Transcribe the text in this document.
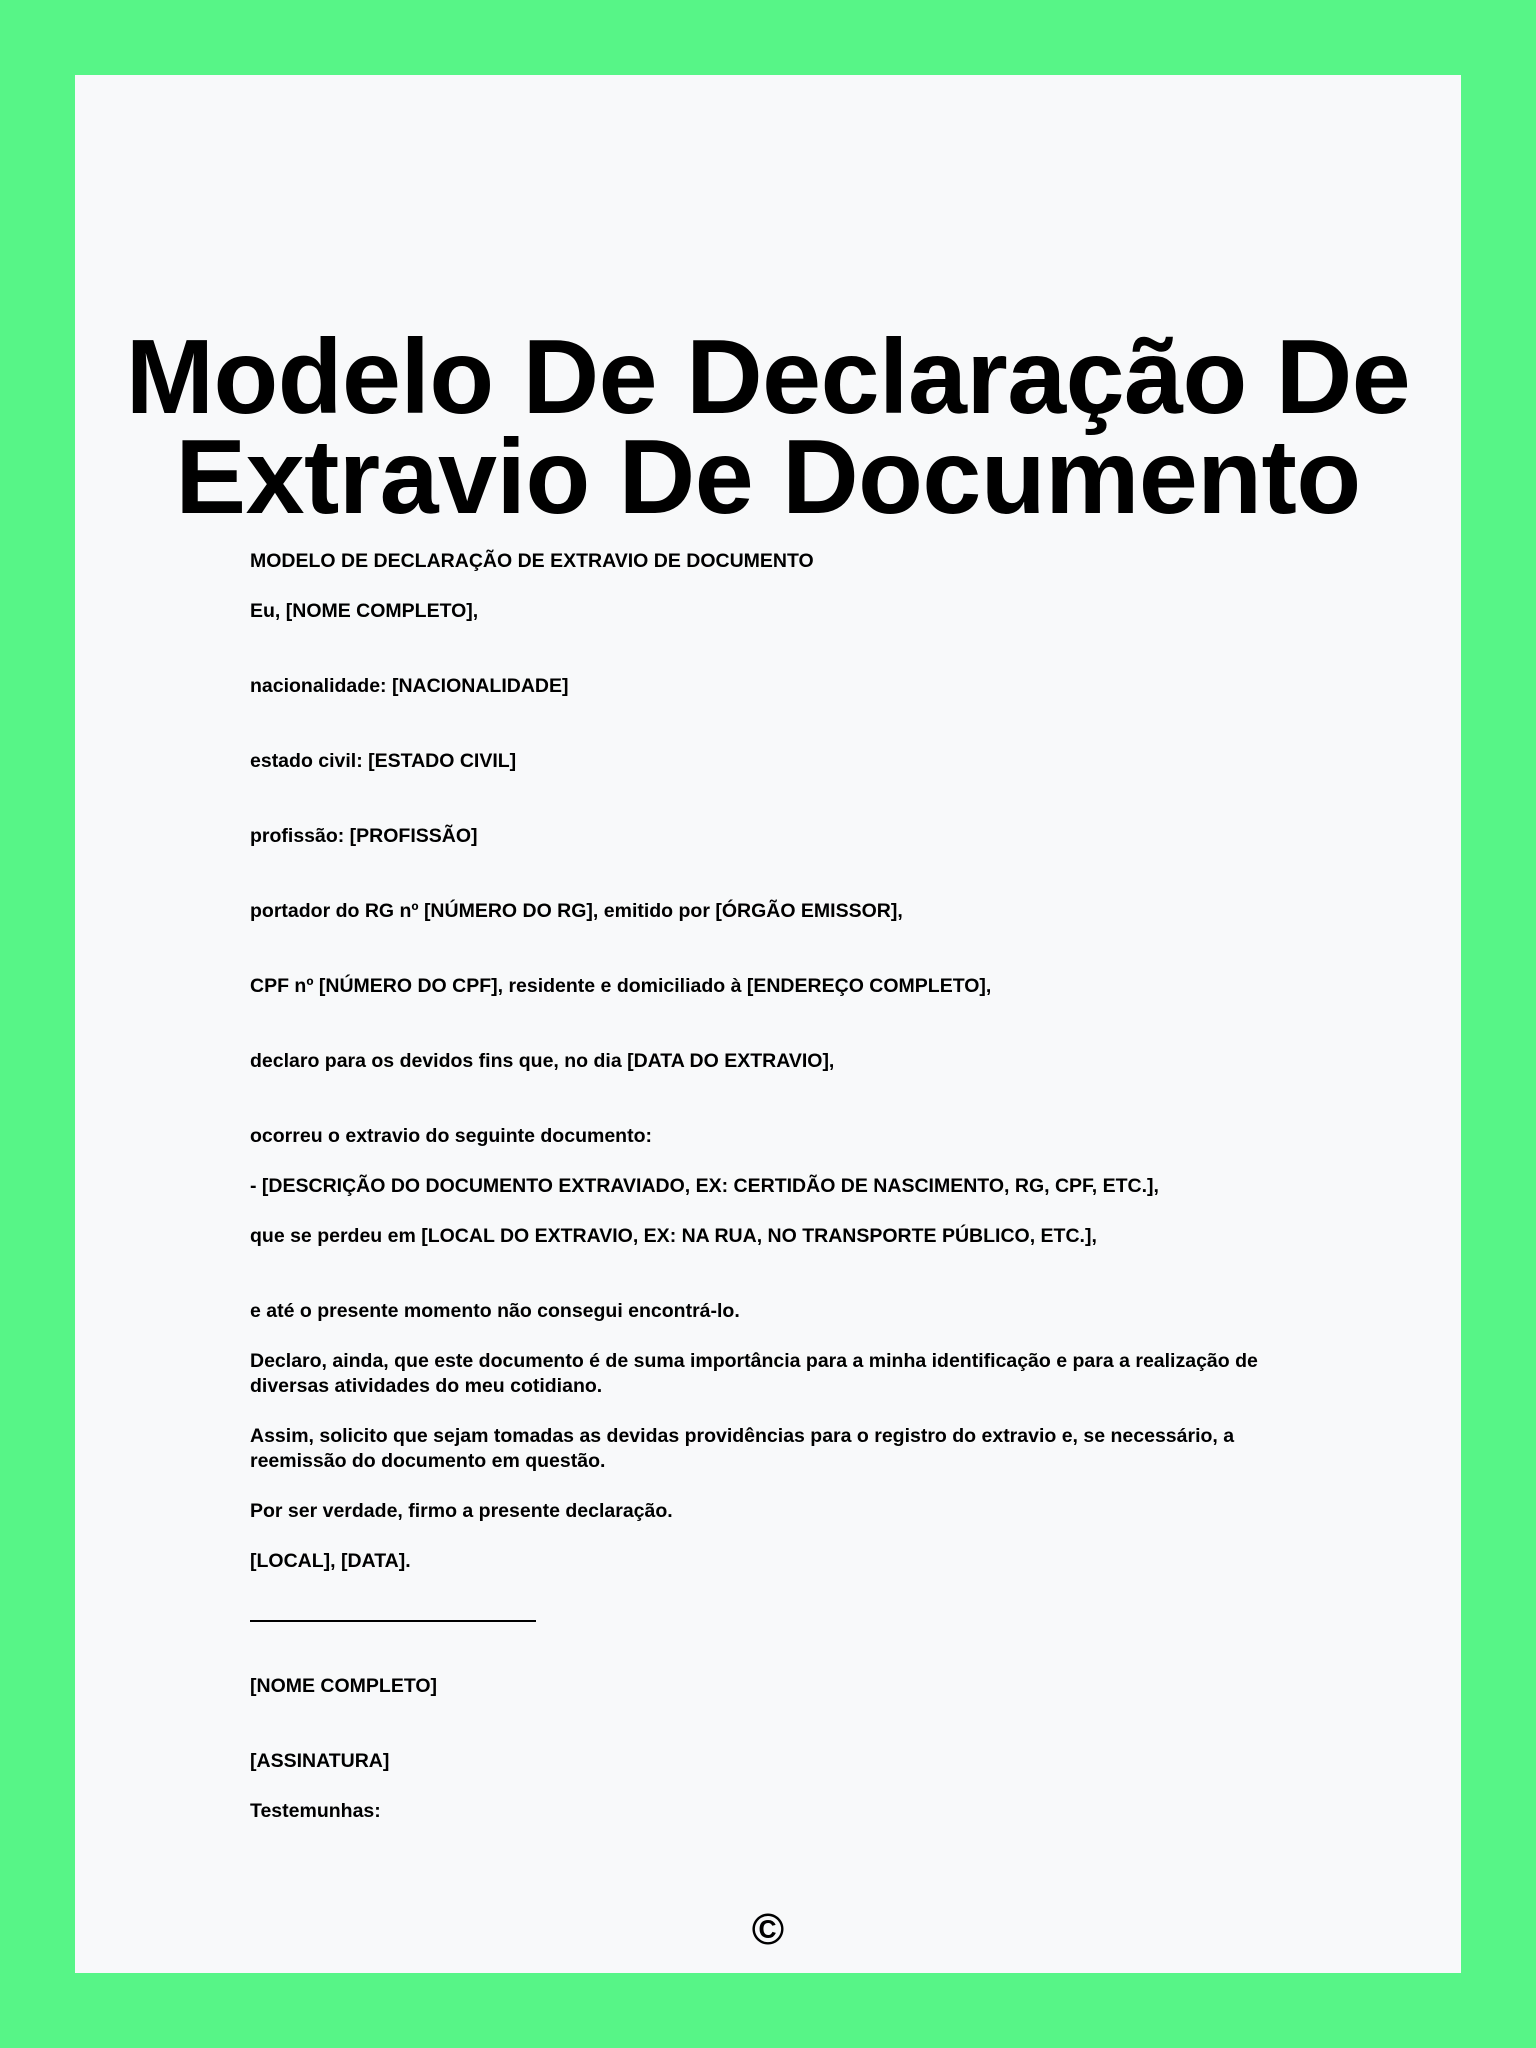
Modelo De Declaração De
Extravio De Documento
MODELO DE DECLARAÇÃO DE EXTRAVIO DE DOCUMENTO
Eu, [NOME COMPLETO],
nacionalidade: [NACIONALIDADE]
estado civil: [ESTADO CIVIL]
profissão: [PROFISSÃO]
portador do RG nº [NÚMERO DO RG], emitido por [ÓRGÃO EMISSOR],
CPF nº [NÚMERO DO CPF], residente e domiciliado à [ENDEREÇO COMPLETO],
declaro para os devidos fins que, no dia [DATA DO EXTRAVIO],
ocorreu o extravio do seguinte documento:
- [DESCRIÇÃO DO DOCUMENTO EXTRAVIADO, EX: CERTIDÃO DE NASCIMENTO, RG, CPF, ETC.],
que se perdeu em [LOCAL DO EXTRAVIO, EX: NA RUA, NO TRANSPORTE PÚBLICO, ETC.],
e até o presente momento não consegui encontrá-lo.
Declaro, ainda, que este documento é de suma importância para a minha identificação e para a realização de diversas atividades do meu cotidiano.
Assim, solicito que sejam tomadas as devidas providências para o registro do extravio e, se necessário, a reemissão do documento em questão.
Por ser verdade, firmo a presente declaração.
[LOCAL], [DATA].
[NOME COMPLETO]
[ASSINATURA]
Testemunhas:
©
